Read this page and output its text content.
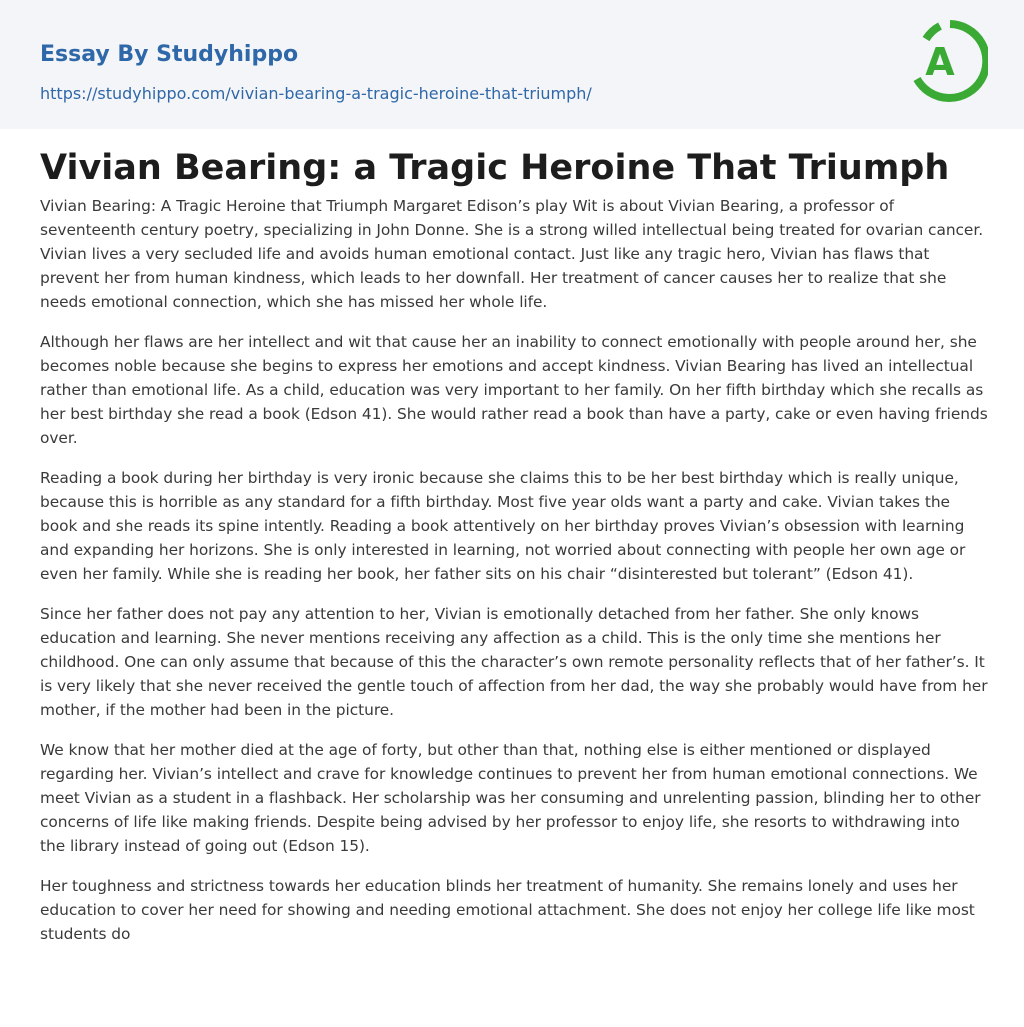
Essay By Studyhippo
https://studyhippo.com/vivian-bearing-a-tragic-heroine-that-triumph/
A
Vivian Bearing: a Tragic Heroine That Triumph

Vivian Bearing: A Tragic Heroine that Triumph Margaret Edison’s play Wit is about Vivian Bearing, a professor of seventeenth century poetry, specializing in John Donne. She is a strong willed intellectual being treated for ovarian cancer. Vivian lives a very secluded life and avoids human emotional contact. Just like any tragic hero, Vivian has flaws that prevent her from human kindness, which leads to her downfall. Her treatment of cancer causes her to realize that she needs emotional connection, which she has missed her whole life.

Although her flaws are her intellect and wit that cause her an inability to connect emotionally with people around her, she becomes noble because she begins to express her emotions and accept kindness. Vivian Bearing has lived an intellectual rather than emotional life. As a child, education was very important to her family. On her fifth birthday which she recalls as her best birthday she read a book (Edson 41). She would rather read a book than have a party, cake or even having friends over.

Reading a book during her birthday is very ironic because she claims this to be her best birthday which is really unique, because this is horrible as any standard for a fifth birthday. Most five year olds want a party and cake. Vivian takes the book and she reads its spine intently. Reading a book attentively on her birthday proves Vivian’s obsession with learning and expanding her horizons. She is only interested in learning, not worried about connecting with people her own age or even her family. While she is reading her book, her father sits on his chair “disinterested but tolerant” (Edson 41).

Since her father does not pay any attention to her, Vivian is emotionally detached from her father. She only knows education and learning. She never mentions receiving any affection as a child. This is the only time she mentions her childhood. One can only assume that because of this the character’s own remote personality reflects that of her father’s. It is very likely that she never received the gentle touch of affection from her dad, the way she probably would have from her mother, if the mother had been in the picture.

We know that her mother died at the age of forty, but other than that, nothing else is either mentioned or displayed regarding her. Vivian’s intellect and crave for knowledge continues to prevent her from human emotional connections. We meet Vivian as a student in a flashback. Her scholarship was her consuming and unrelenting passion, blinding her to other concerns of life like making friends. Despite being advised by her professor to enjoy life, she resorts to withdrawing into the library instead of going out (Edson 15).

Her toughness and strictness towards her education blinds her treatment of humanity. She remains lonely and uses her education to cover her need for showing and needing emotional attachment. She does not enjoy her college life like most students do
